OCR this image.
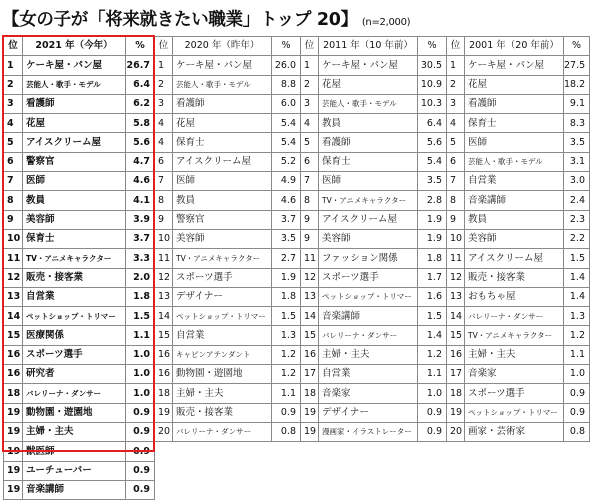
【女の子が「将来就きたい職業」トップ 20】 (n=2,000)
位	2021 年（今年）	%
1	ケーキ屋・パン屋	26.7
2	芸能人・歌手・モデル	6.4
3	看護師	6.2
4	花屋	5.8
5	アイスクリーム屋	5.6
6	警察官	4.7
7	医師	4.6
8	教員	4.1
9	美容師	3.9
10	保育士	3.7
11	TV・アニメキャラクター	3.3
12	販売・接客業	2.0
13	自営業	1.8
14	ペットショップ・トリマー	1.5
15	医療関係	1.1
16	スポーツ選手	1.0
16	研究者	1.0
18	バレリーナ・ダンサー	1.0
19	動物園・遊園地	0.9
19	主婦・主夫	0.9
19	獣医師	0.9
19	ユーチューバー	0.9
19	音楽講師	0.9
位	2020 年（昨年）	%
1	ケーキ屋・パン屋	26.0
2	芸能人・歌手・モデル	8.8
3	看護師	6.0
4	花屋	5.4
4	保育士	5.4
6	アイスクリーム屋	5.2
7	医師	4.9
8	教員	4.6
9	警察官	3.7
10	美容師	3.5
11	TV・アニメキャラクター	2.7
12	スポーツ選手	1.9
13	デザイナー	1.8
14	ペットショップ・トリマー	1.5
15	自営業	1.3
16	キャビンアテンダント	1.2
16	動物園・遊園地	1.2
18	主婦・主夫	1.1
19	販売・接客業	0.9
20	バレリーナ・ダンサー	0.8
位	2011 年（10 年前）	%
1	ケーキ屋・パン屋	30.5
2	花屋	10.9
3	芸能人・歌手・モデル	10.3
4	教員	6.4
5	看護師	5.6
6	保育士	5.4
7	医師	3.5
8	TV・アニメキャラクター	2.8
9	アイスクリーム屋	1.9
9	美容師	1.9
11	ファッション関係	1.8
12	スポーツ選手	1.7
13	ペットショップ・トリマー	1.6
14	音楽講師	1.5
15	バレリーナ・ダンサー	1.4
16	主婦・主夫	1.2
17	自営業	1.1
18	音楽家	1.0
19	デザイナー	0.9
19	漫画家・イラストレーター	0.9
位	2001 年（20 年前）	%
1	ケーキ屋・パン屋	27.5
2	花屋	18.2
3	看護師	9.1
4	保育士	8.3
5	医師	3.5
6	芸能人・歌手・モデル	3.1
7	自営業	3.0
8	音楽講師	2.4
9	教員	2.3
10	美容師	2.2
11	アイスクリーム屋	1.5
12	販売・接客業	1.4
13	おもちゃ屋	1.4
14	バレリーナ・ダンサー	1.3
15	TV・アニメキャラクター	1.2
16	主婦・主夫	1.1
17	音楽家	1.0
18	スポーツ選手	0.9
19	ペットショップ・トリマー	0.9
20	画家・芸術家	0.8
